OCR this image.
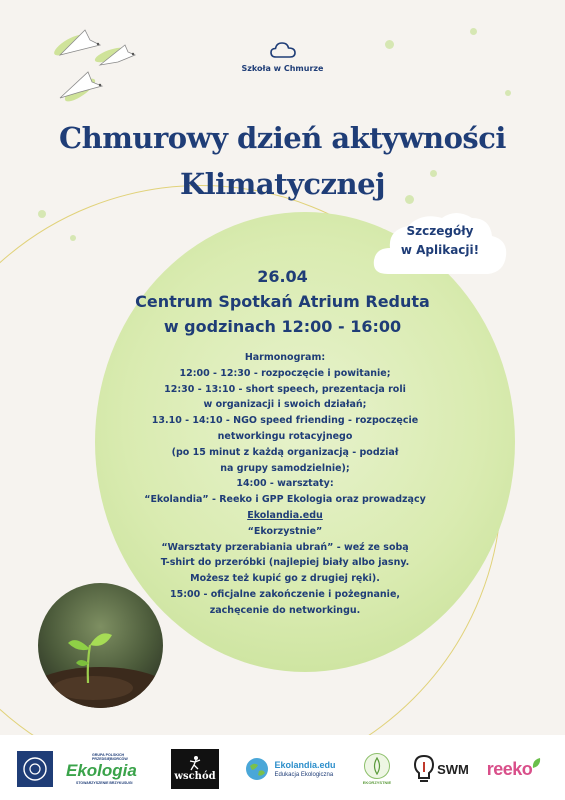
Szkoła w Chmurze
Chmurowy dzień aktywności
Klimatycznej
Szczegóły
w Aplikacji!
26.04
Centrum Spotkań Atrium Reduta
w godzinach 12:00 - 16:00
Harmonogram:
12:00 - 12:30 - rozpoczęcie i powitanie;
12:30 - 13:10 - short speech, prezentacja roli
w organizacji i swoich działań;
13.10 - 14:10 - NGO speed friending - rozpoczęcie
networkingu rotacyjnego
(po 15 minut z każdą organizacją - podział
na grupy samodzielnie);
14:00 - warsztaty:
“Ekolandia” - Reeko i GPP Ekologia oraz prowadzący
Ekolandia.edu
“Ekorzystnie”
“Warsztaty przerabiania ubrań” - weź ze sobą
T-shirt do przeróbki (najlepiej biały albo jasny.
Możesz też kupić go z drugiej ręki).
15:00 - oficjalne zakończenie i pożegnanie,
zachęcenie do networkingu.
GRUPA POLSKICH PRZEDSIĘBIORCÓW
Ekologia
STOWARZYSZENIE BRZYKUSUGI
wschód
Ekolandia.edu
Edukacja Ekologiczna
EKORZYSTNIE
SWM reeko
